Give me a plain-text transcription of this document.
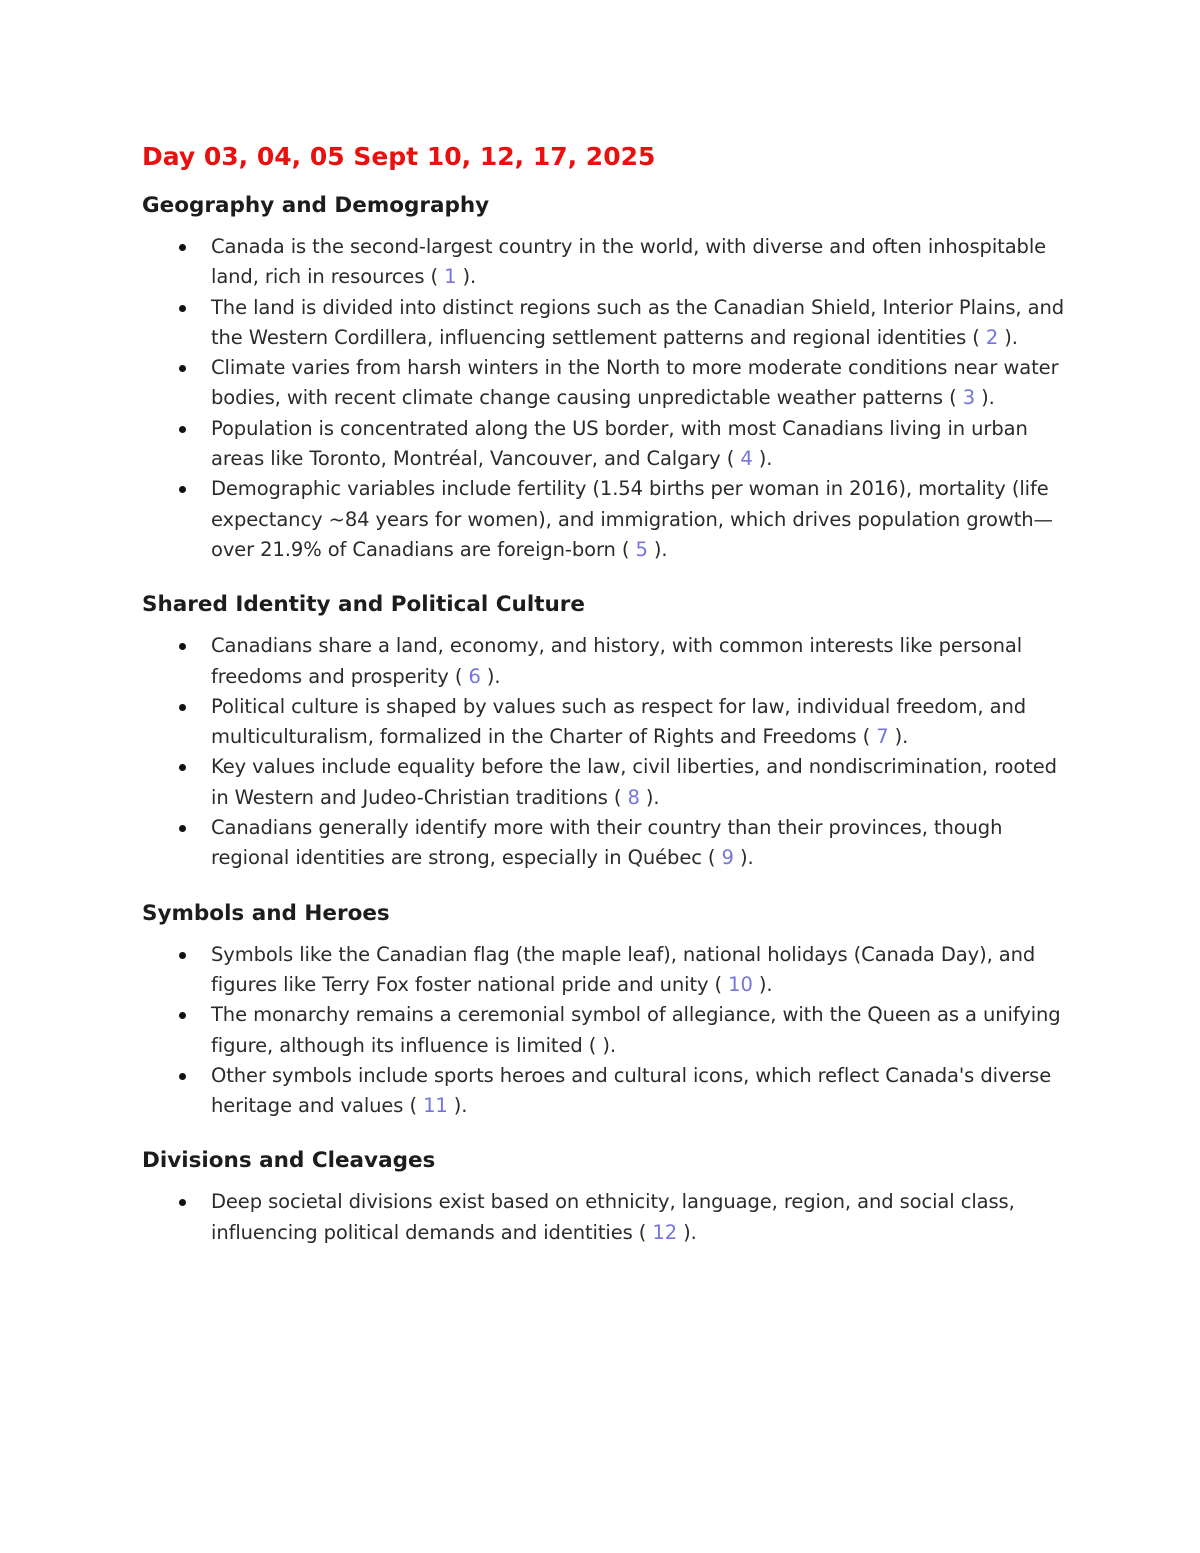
Day 03, 04, 05 Sept 10, 12, 17, 2025
Geography and Demography
Canada is the second-largest country in the world, with diverse and often inhospitable land, rich in resources ( 1 ).
The land is divided into distinct regions such as the Canadian Shield, Interior Plains, and the Western Cordillera, influencing settlement patterns and regional identities ( 2 ).
Climate varies from harsh winters in the North to more moderate conditions near water bodies, with recent climate change causing unpredictable weather patterns ( 3 ).
Population is concentrated along the US border, with most Canadians living in urban areas like Toronto, Montréal, Vancouver, and Calgary ( 4 ).
Demographic variables include fertility (1.54 births per woman in 2016), mortality (life expectancy ~84 years for women), and immigration, which drives population growth—over 21.9% of Canadians are foreign-born ( 5 ).
Shared Identity and Political Culture
Canadians share a land, economy, and history, with common interests like personal freedoms and prosperity ( 6 ).
Political culture is shaped by values such as respect for law, individual freedom, and multiculturalism, formalized in the Charter of Rights and Freedoms ( 7 ).
Key values include equality before the law, civil liberties, and nondiscrimination, rooted in Western and Judeo-Christian traditions ( 8 ).
Canadians generally identify more with their country than their provinces, though regional identities are strong, especially in Québec ( 9 ).
Symbols and Heroes
Symbols like the Canadian flag (the maple leaf), national holidays (Canada Day), and figures like Terry Fox foster national pride and unity ( 10 ).
The monarchy remains a ceremonial symbol of allegiance, with the Queen as a unifying figure, although its influence is limited ( ).
Other symbols include sports heroes and cultural icons, which reflect Canada's diverse heritage and values ( 11 ).
Divisions and Cleavages
Deep societal divisions exist based on ethnicity, language, region, and social class, influencing political demands and identities ( 12 ).
